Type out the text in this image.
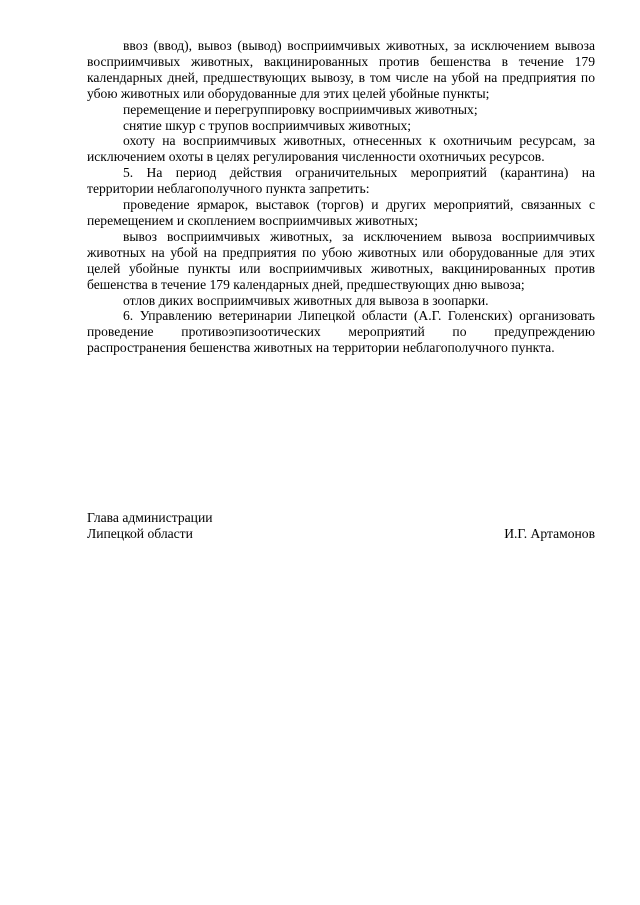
ввоз (ввод), вывоз (вывод) восприимчивых животных, за исключением вывоза восприимчивых животных, вакцинированных против бешенства в течение 179 календарных дней, предшествующих вывозу, в том числе на убой на предприятия по убою животных или оборудованные для этих целей убойные пункты;

перемещение и перегруппировку восприимчивых животных;

снятие шкур с трупов восприимчивых животных;

охоту на восприимчивых животных, отнесенных к охотничьим ресурсам, за исключением охоты в целях регулирования численности охотничьих ресурсов.

5. На период действия ограничительных мероприятий (карантина) на территории неблагополучного пункта запретить:

проведение ярмарок, выставок (торгов) и других мероприятий, связанных с перемещением и скоплением восприимчивых животных;

вывоз восприимчивых животных, за исключением вывоза восприимчивых животных на убой на предприятия по убою животных или оборудованные для этих целей убойные пункты или восприимчивых животных, вакцинированных против бешенства в течение 179 календарных дней, предшествующих дню вывоза;

отлов диких восприимчивых животных для вывоза в зоопарки.

6. Управлению ветеринарии Липецкой области (А.Г. Голенских) организовать проведение противоэпизоотических мероприятий по предупреждению распространения бешенства животных на территории неблагополучного пункта.

Глава администрации
Липецкой области	И.Г. Артамонов
